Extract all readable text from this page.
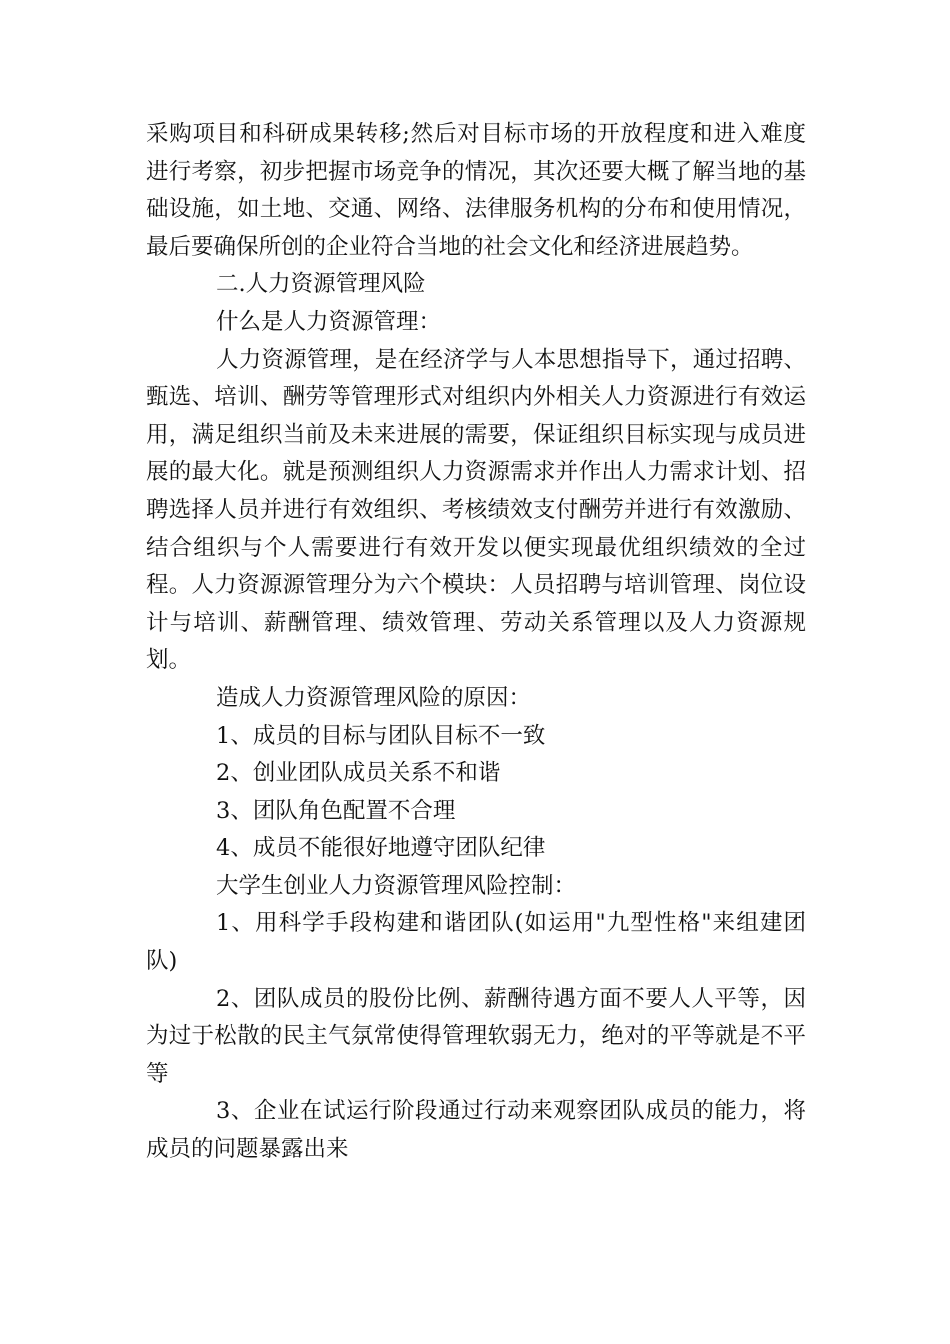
采购项目和科研成果转移;然后对目标市场的开放程度和进入难度进行考察，初步把握市场竞争的情况，其次还要大概了解当地的基础设施，如土地、交通、网络、法律服务机构的分布和使用情况，最后要确保所创的企业符合当地的社会文化和经济进展趋势。

二.人力资源管理风险

什么是人力资源管理：

人力资源管理，是在经济学与人本思想指导下，通过招聘、甄选、培训、酬劳等管理形式对组织内外相关人力资源进行有效运用，满足组织当前及未来进展的需要，保证组织目标实现与成员进展的最大化。就是预测组织人力资源需求并作出人力需求计划、招聘选择人员并进行有效组织、考核绩效支付酬劳并进行有效激励、结合组织与个人需要进行有效开发以便实现最优组织绩效的全过程。人力资源源管理分为六个模块：人员招聘与培训管理、岗位设计与培训、薪酬管理、绩效管理、劳动关系管理以及人力资源规划。

造成人力资源管理风险的原因：

1、成员的目标与团队目标不一致

2、创业团队成员关系不和谐

3、团队角色配置不合理

4、成员不能很好地遵守团队纪律

大学生创业人力资源管理风险控制：

1、用科学手段构建和谐团队(如运用"九型性格"来组建团队)

2、团队成员的股份比例、薪酬待遇方面不要人人平等，因为过于松散的民主气氛常使得管理软弱无力，绝对的平等就是不平等

3、企业在试运行阶段通过行动来观察团队成员的能力，将成员的问题暴露出来
